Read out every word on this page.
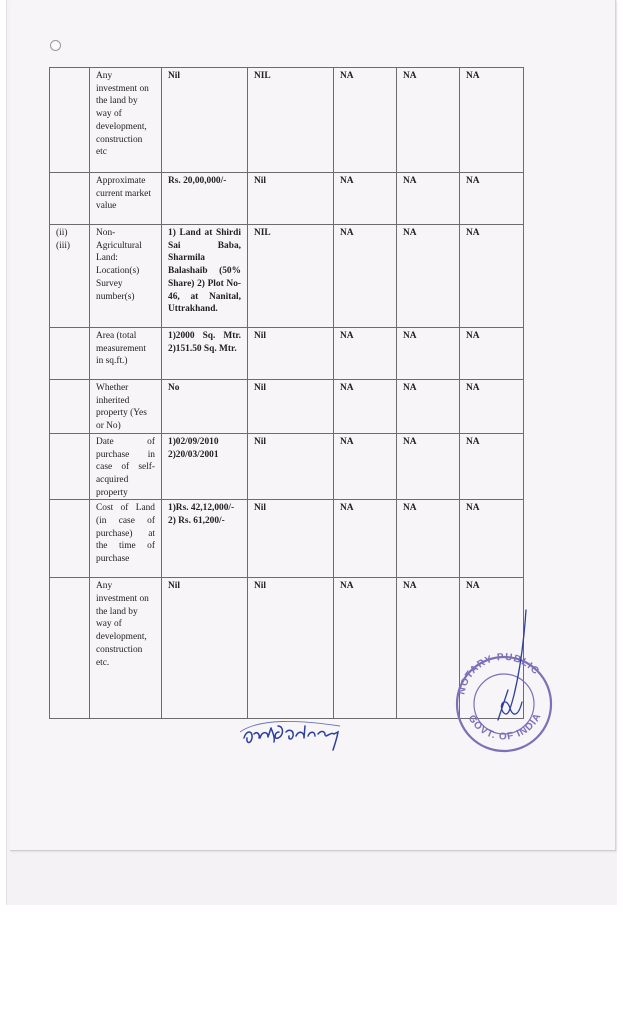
	Any investment on the land by way of development, construction etc	Nil	NIL	NA	NA	NA
	Approximate current market value	Rs. 20,00,000/-	Nil	NA	NA	NA
(ii) (iii)	Non-Agricultural Land: Location(s) Survey number(s)	1) Land at Shirdi Sai Baba, Sharmila Balashaib (50% Share) 2) Plot No-46, at Nanital, Uttrakhand.	NIL	NA	NA	NA
	Area (total measurement in sq.ft.)	1)2000 Sq. Mtr. 2)151.50 Sq. Mtr.	Nil	NA	NA	NA
	Whether inherited property (Yes or No)	No	Nil	NA	NA	NA
	Date of purchase in case of self-acquired property	1)02/09/2010 2)20/03/2001	Nil	NA	NA	NA
	Cost of Land (in case of purchase) at the time of purchase	1)Rs. 42,12,000/- 2) Rs. 61,200/-	Nil	NA	NA	NA
	Any investment on the land by way of development, construction etc.	Nil	Nil	NA	NA	NA
NOTARY PUBLIC
GOVT. OF INDIA
